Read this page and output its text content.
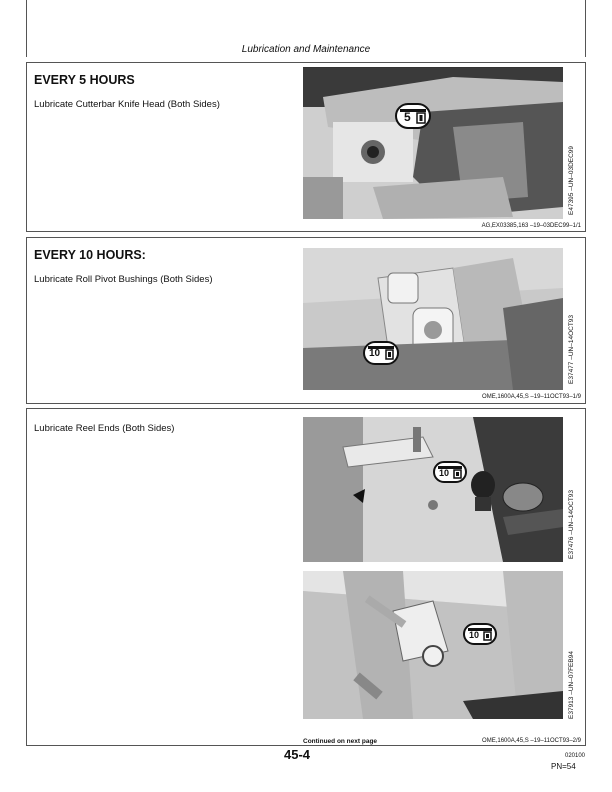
Lubrication and Maintenance
EVERY 5 HOURS
Lubricate Cutterbar Knife Head (Both Sides)
5
E47395 –UN–03DEC99
AG,EX03385,163 –19–03DEC99–1/1
EVERY 10 HOURS:
Lubricate Roll Pivot Bushings (Both Sides)
10	E37477 –UN–14OCT93
OME,1600A,45,S –19–11OCT93–1/9
Lubricate Reel Ends (Both Sides)
10
E37476 –UN–14OCT93
10
E37913 –UN–07FEB94
Continued on next page	OME,1600A,45,S –19–11OCT93–2/9
45-4	020100
PN=54
